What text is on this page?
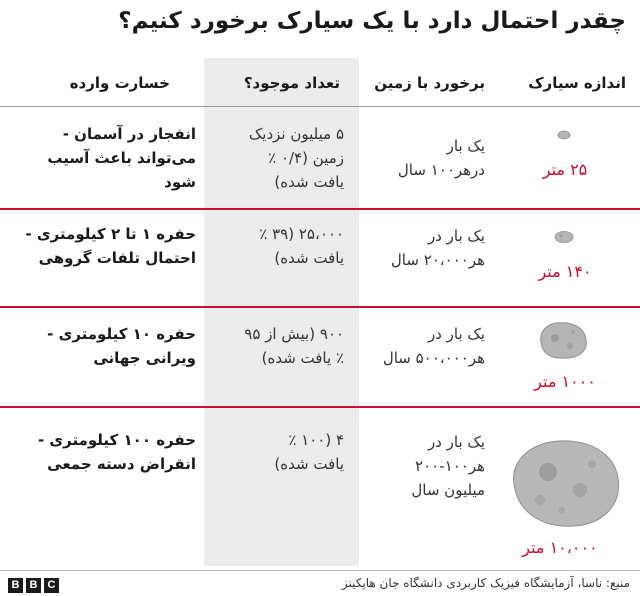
چقدر احتمال دارد با یک سیارک برخورد کنیم؟
اندازه سیارک
برخورد با زمین
تعداد موجود؟
خسارت وارده
انفجار در آسمان -
می‌تواند باعث آسیب
شود
۵ میلیون نزدیک
زمین (۰/۴ ٪
یافت شده)
یک بار
درهر۱۰۰ سال	۲۵ متر
حفره ۱ تا ۲ کیلومتری -
احتمال تلفات گروهی
۲۵،۰۰۰ (۳۹ ٪
یافت شده)
یک بار در
هر۲۰،۰۰۰ سال
۱۴۰ متر
حفره ۱۰ کیلومتری -
ویرانی جهانی
۹۰۰ (بیش از ۹۵
٪ یافت شده)
یک بار در
هر۵۰۰،۰۰۰ سال
۱۰۰۰ متر
حفره ۱۰۰ کیلومتری -
انقراض دسته جمعی
۴ (۱۰۰ ٪
یافت شده)
یک بار در
هر۱۰۰-۲۰۰
میلیون سال
۱۰،۰۰۰ متر
B B C	منبع: ناسا، آزمایشگاه فیزیک کاربردی دانشگاه جان هاپکینز
